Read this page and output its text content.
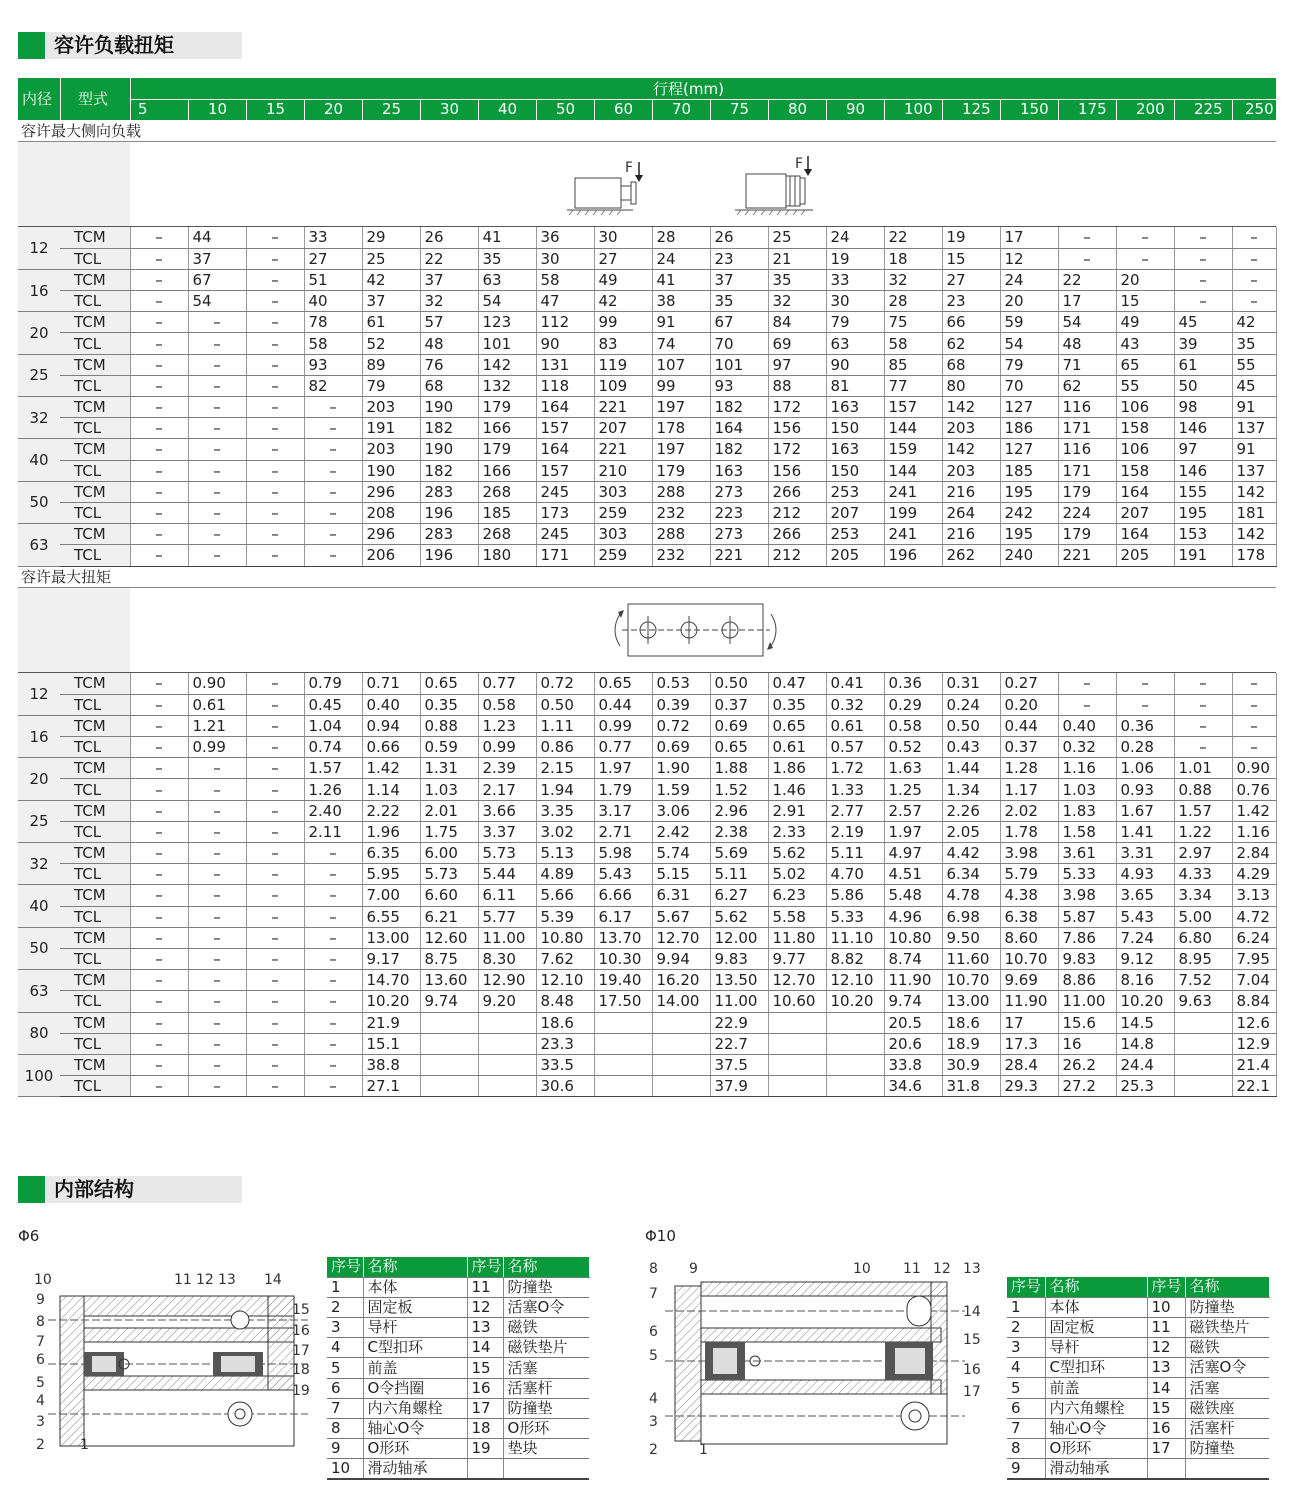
容许负载扭矩
内径 型式
行程(mm)
5	10	15	20	25	30	40	50	60	70	75	80	90	100 125 150 175 200 225 250
容许最大侧向负载
F	F
12	TCM	–	44	–	33	29	26	41	36	30	28	26	25	24	22	19	17	–	–	–	–
	TCL	–	37	–	27	25	22	35	30	27	24	23	21	19	18	15	12	–	–	–	–
16	TCM	–	67	–	51	42	37	63	58	49	41	37	35	33	32	27	24	22	20	–	–
	TCL	–	54	–	40	37	32	54	47	42	38	35	32	30	28	23	20	17	15	–	–
20	TCM	–	–	–	78	61	57	123	112	99	91	67	84	79	75	66	59	54	49	45	42
	TCL	–	–	–	58	52	48	101	90	83	74	70	69	63	58	62	54	48	43	39	35
25	TCM	–	–	–	93	89	76	142	131	119	107	101	97	90	85	68	79	71	65	61	55
	TCL	–	–	–	82	79	68	132	118	109	99	93	88	81	77	80	70	62	55	50	45
32	TCM	–	–	–	–	203	190	179	164	221	197	182	172	163	157	142	127	116	106	98	91
	TCL	–	–	–	–	191	182	166	157	207	178	164	156	150	144	203	186	171	158	146	137
40	TCM	–	–	–	–	203	190	179	164	221	197	182	172	163	159	142	127	116	106	97	91
	TCL	–	–	–	–	190	182	166	157	210	179	163	156	150	144	203	185	171	158	146	137
50	TCM	–	–	–	–	296	283	268	245	303	288	273	266	253	241	216	195	179	164	155	142
	TCL	–	–	–	–	208	196	185	173	259	232	223	212	207	199	264	242	224	207	195	181
63	TCM	–	–	–	–	296	283	268	245	303	288	273	266	253	241	216	195	179	164	153	142
	TCL	–	–	–	–	206	196	180	171	259	232	221	212	205	196	262	240	221	205	191	178
容许最大扭矩
12	TCM	–	0.90	–	0.79	0.71	0.65	0.77	0.72	0.65	0.53	0.50	0.47	0.41	0.36	0.31	0.27	–	–	–	–
	TCL	–	0.61	–	0.45	0.40	0.35	0.58	0.50	0.44	0.39	0.37	0.35	0.32	0.29	0.24	0.20	–	–	–	–
16	TCM	–	1.21	–	1.04	0.94	0.88	1.23	1.11	0.99	0.72	0.69	0.65	0.61	0.58	0.50	0.44	0.40	0.36	–	–
	TCL	–	0.99	–	0.74	0.66	0.59	0.99	0.86	0.77	0.69	0.65	0.61	0.57	0.52	0.43	0.37	0.32	0.28	–	–
20	TCM	–	–	–	1.57	1.42	1.31	2.39	2.15	1.97	1.90	1.88	1.86	1.72	1.63	1.44	1.28	1.16	1.06	1.01	0.90
	TCL	–	–	–	1.26	1.14	1.03	2.17	1.94	1.79	1.59	1.52	1.46	1.33	1.25	1.34	1.17	1.03	0.93	0.88	0.76
25	TCM	–	–	–	2.40	2.22	2.01	3.66	3.35	3.17	3.06	2.96	2.91	2.77	2.57	2.26	2.02	1.83	1.67	1.57	1.42
	TCL	–	–	–	2.11	1.96	1.75	3.37	3.02	2.71	2.42	2.38	2.33	2.19	1.97	2.05	1.78	1.58	1.41	1.22	1.16
32	TCM	–	–	–	–	6.35	6.00	5.73	5.13	5.98	5.74	5.69	5.62	5.11	4.97	4.42	3.98	3.61	3.31	2.97	2.84
	TCL	–	–	–	–	5.95	5.73	5.44	4.89	5.43	5.15	5.11	5.02	4.70	4.51	6.34	5.79	5.33	4.93	4.33	4.29
40	TCM	–	–	–	–	7.00	6.60	6.11	5.66	6.66	6.31	6.27	6.23	5.86	5.48	4.78	4.38	3.98	3.65	3.34	3.13
	TCL	–	–	–	–	6.55	6.21	5.77	5.39	6.17	5.67	5.62	5.58	5.33	4.96	6.98	6.38	5.87	5.43	5.00	4.72
50	TCM	–	–	–	–	13.00	12.60	11.00	10.80	13.70	12.70	12.00	11.80	11.10	10.80	9.50	8.60	7.86	7.24	6.80	6.24
	TCL	–	–	–	–	9.17	8.75	8.30	7.62	10.30	9.94	9.83	9.77	8.82	8.74	11.60	10.70	9.83	9.12	8.95	7.95
63	TCM	–	–	–	–	14.70	13.60	12.90	12.10	19.40	16.20	13.50	12.70	12.10	11.90	10.70	9.69	8.86	8.16	7.52	7.04
	TCL	–	–	–	–	10.20	9.74	9.20	8.48	17.50	14.00	11.00	10.60	10.20	9.74	13.00	11.90	11.00	10.20	9.63	8.84
80	TCM	–	–	–	–	21.9			18.6			22.9			20.5	18.6	17	15.6	14.5		12.6
	TCL	–	–	–	–	15.1			23.3			22.7			20.6	18.9	17.3	16	14.8		12.9
100	TCM	–	–	–	–	38.8			33.5			37.5			33.8	30.9	28.4	26.2	24.4		21.4
	TCL	–	–	–	–	27.1			30.6			37.9			34.6	31.8	29.3	27.2	25.3		22.1
内部结构
Φ6	Φ10
10	11 12 13 14
9
8
7
6
5
4
3
2
15
16
17
18
19
1
序号	名称	序号	名称
1	本体	11	防撞垫
2	固定板	12	活塞O令
3	导杆	13	磁铁
4	C型扣环	14	磁铁垫片
5	前盖	15	活塞
6	O令挡圈	16	活塞杆
7	内六角螺栓	17	防撞垫
8	轴心O令	18	O形环
9	O形环	19	垫块
10	滑动轴承		
8 9	10 11 12 13
7
6
5
4
3
2
14
15
16
17
1
序号	名称	序号	名称
1	本体	10	防撞垫
2	固定板	11	磁铁垫片
3	导杆	12	磁铁
4	C型扣环	13	活塞O令
5	前盖	14	活塞
6	内六角螺栓	15	磁铁座
7	轴心O令	16	活塞杆
8	O形环	17	防撞垫
9	滑动轴承		
